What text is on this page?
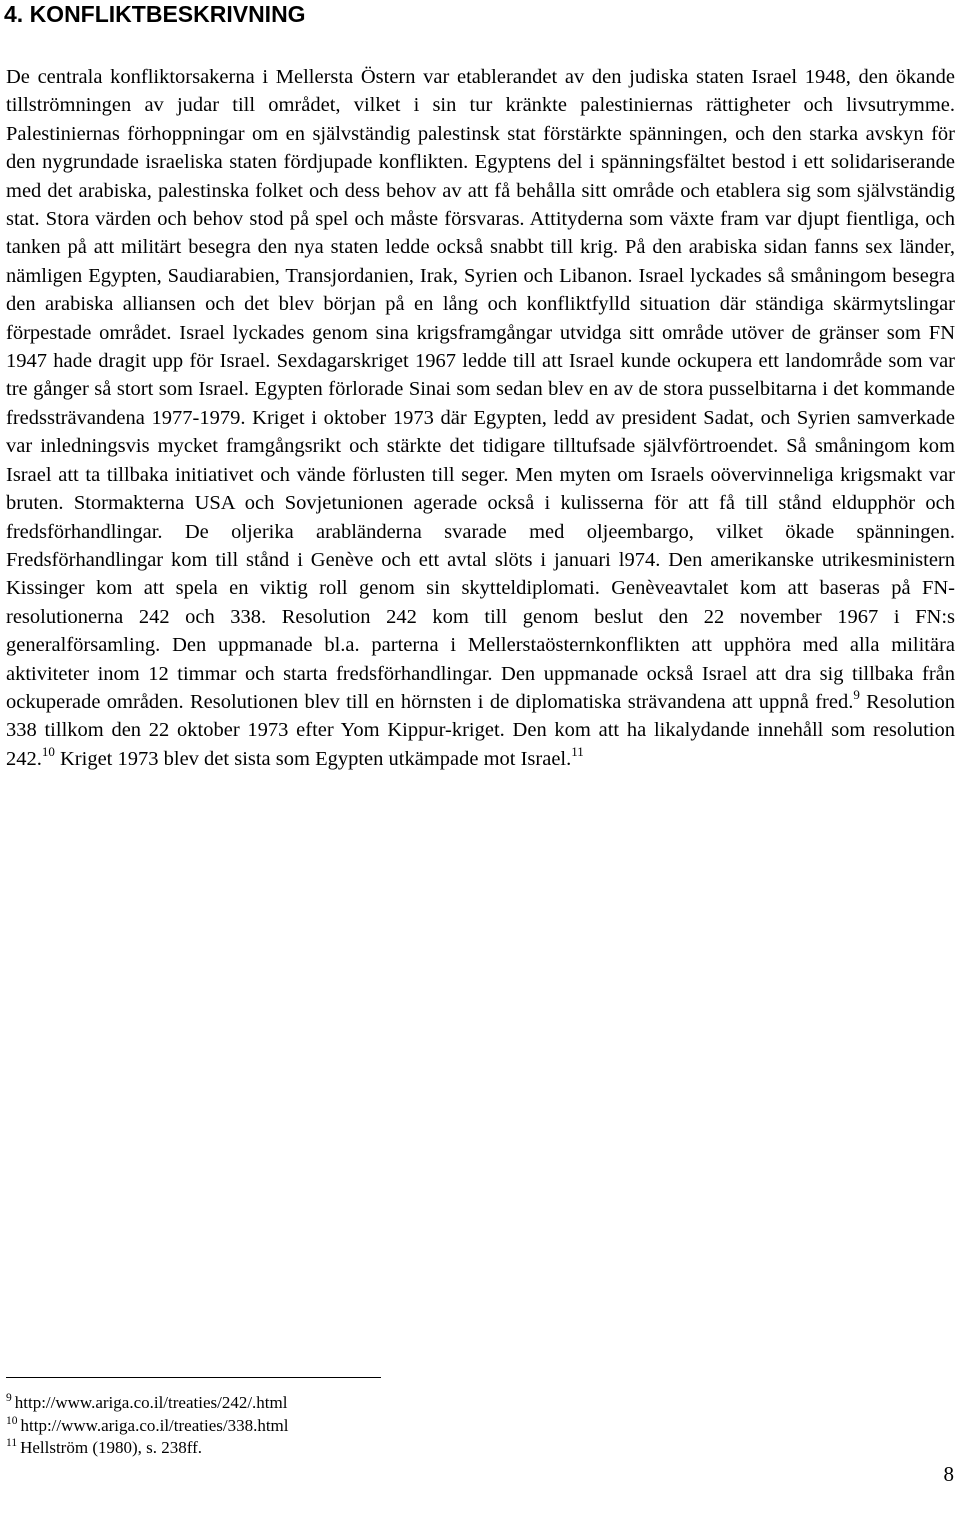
4. KONFLIKTBESKRIVNING

De centrala konfliktorsakerna i Mellersta Östern var etablerandet av den judiska staten Israel 1948, den ökande tillströmningen av judar till området, vilket i sin tur kränkte palestiniernas rättigheter och livsutrymme. Palestiniernas förhoppningar om en självständig palestinsk stat förstärkte spänningen, och den starka avskyn för den nygrundade israeliska staten fördjupade konflikten. Egyptens del i spänningsfältet bestod i ett solidariserande med det arabiska, palestinska folket och dess behov av att få behålla sitt område och etablera sig som självständig stat. Stora värden och behov stod på spel och måste försvaras. Attityderna som växte fram var djupt fientliga, och tanken på att militärt besegra den nya staten ledde också snabbt till krig. På den arabiska sidan fanns sex länder, nämligen Egypten, Saudiarabien, Transjordanien, Irak, Syrien och Libanon. Israel lyckades så småningom besegra den arabiska alliansen och det blev början på en lång och konfliktfylld situation där ständiga skärmytslingar förpestade området. Israel lyckades genom sina krigsframgångar utvidga sitt område utöver de gränser som FN 1947 hade dragit upp för Israel. Sexdagarskriget 1967 ledde till att Israel kunde ockupera ett landområde som var tre gånger så stort som Israel. Egypten förlorade Sinai som sedan blev en av de stora pusselbitarna i det kommande fredssträvandena 1977-1979. Kriget i oktober 1973 där Egypten, ledd av president Sadat, och Syrien samverkade var inledningsvis mycket framgångsrikt och stärkte det tidigare tilltufsade självförtroendet. Så småningom kom Israel att ta tillbaka initiativet och vände förlusten till seger. Men myten om Israels oövervinneliga krigsmakt var bruten. Stormakterna USA och Sovjetunionen agerade också i kulisserna för att få till stånd eldupphör och fredsförhandlingar. De oljerika arabländerna svarade med oljeembargo, vilket ökade spänningen. Fredsförhandlingar kom till stånd i Genève och ett avtal slöts i januari l974. Den amerikanske utrikesministern Kissinger kom att spela en viktig roll genom sin skytteldiplomati. Genèveavtalet kom att baseras på FN-resolutionerna 242 och 338. Resolution 242 kom till genom beslut den 22 november 1967 i FN:s generalförsamling. Den uppmanade bl.a. parterna i Mellerstaösternkonflikten att upphöra med alla militära aktiviteter inom 12 timmar och starta fredsförhandlingar. Den uppmanade också Israel att dra sig tillbaka från ockuperade områden. Resolutionen blev till en hörnsten i de diplomatiska strävandena att uppnå fred.$^9$ Resolution 338 tillkom den 22 oktober 1973 efter Yom Kippur-kriget. Den kom att ha likalydande innehåll som resolution 242.10 Kriget 1973 blev det sista som Egypten utkämpade mot Israel.$^{11}$

$^9$ http://www.ariga.co.il/treaties/242/.html
$^{10}$ http://www.ariga.co.il/treaties/338.html
$^{11}$ Hellström (1980), s. 238ff.
8
